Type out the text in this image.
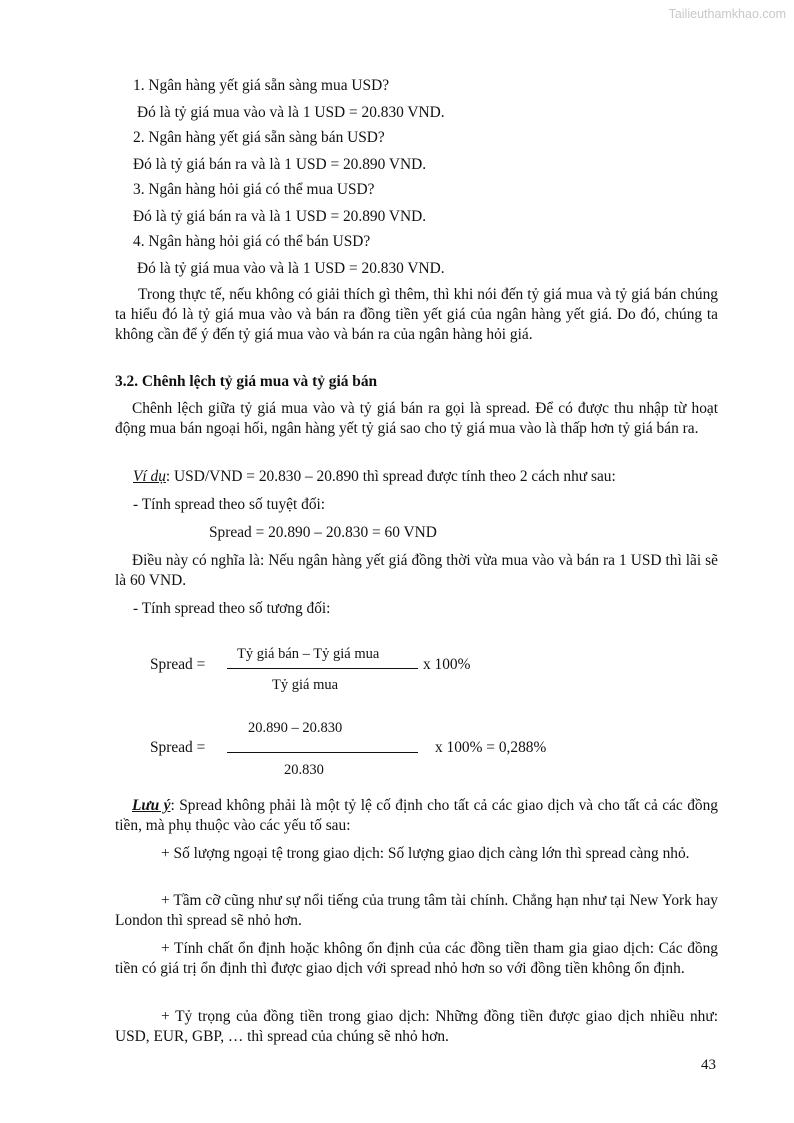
Tailieuthamkhao.com
1. Ngân hàng yết giá sẵn sàng mua USD?
Đó là tỷ giá mua vào và là 1 USD = 20.830 VND.
2. Ngân hàng yết giá sẵn sàng bán USD?
Đó là tỷ giá bán ra và là 1 USD = 20.890 VND.
3. Ngân hàng hỏi giá có thể mua USD?
Đó là tỷ giá bán ra và là 1 USD = 20.890 VND.
4. Ngân hàng hỏi giá có thể bán USD?
Đó là tỷ giá mua vào và là 1 USD = 20.830 VND.
Trong thực tế, nếu không có giải thích gì thêm, thì khi nói đến tỷ giá mua và tỷ giá bán chúng ta hiểu đó là tỷ giá mua vào và bán ra đồng tiền yết giá của ngân hàng yết giá. Do đó, chúng ta không cần để ý đến tỷ giá mua vào và bán ra của ngân hàng hỏi giá.
3.2. Chênh lệch tỷ giá mua và tỷ giá bán
Chênh lệch giữa tỷ giá mua vào và tỷ giá bán ra gọi là spread. Để có được thu nhập từ hoạt động mua bán ngoại hối, ngân hàng yết tỷ giá sao cho tỷ giá mua vào là thấp hơn tỷ giá bán ra.
Ví dụ: USD/VND = 20.830 – 20.890 thì spread được tính theo 2 cách như sau:
- Tính spread theo số tuyệt đối:
Spread = 20.890 – 20.830 = 60 VND
Điều này có nghĩa là: Nếu ngân hàng yết giá đồng thời vừa mua vào và bán ra 1 USD thì lãi sẽ là 60 VND.
- Tính spread theo số tương đối:
Spread =
Tỷ giá bán – Tỷ giá mua
Tỷ giá mua
x 100%
Spread =
20.890 – 20.830
20.830
x 100% = 0,288%
Lưu ý: Spread không phải là một tỷ lệ cố định cho tất cả các giao dịch và cho tất cả các đồng tiền, mà phụ thuộc vào các yếu tố sau:
+ Số lượng ngoại tệ trong giao dịch: Số lượng giao dịch càng lớn thì spread càng nhỏ.
+ Tầm cỡ cũng như sự nổi tiếng của trung tâm tài chính. Chẳng hạn như tại New York hay London thì spread sẽ nhỏ hơn.
+ Tính chất ổn định hoặc không ổn định của các đồng tiền tham gia giao dịch: Các đồng tiền có giá trị ổn định thì được giao dịch với spread nhỏ hơn so với đồng tiền không ổn định.
+ Tỷ trọng của đồng tiền trong giao dịch: Những đồng tiền được giao dịch nhiều như: USD, EUR, GBP, … thì spread của chúng sẽ nhỏ hơn.
43
